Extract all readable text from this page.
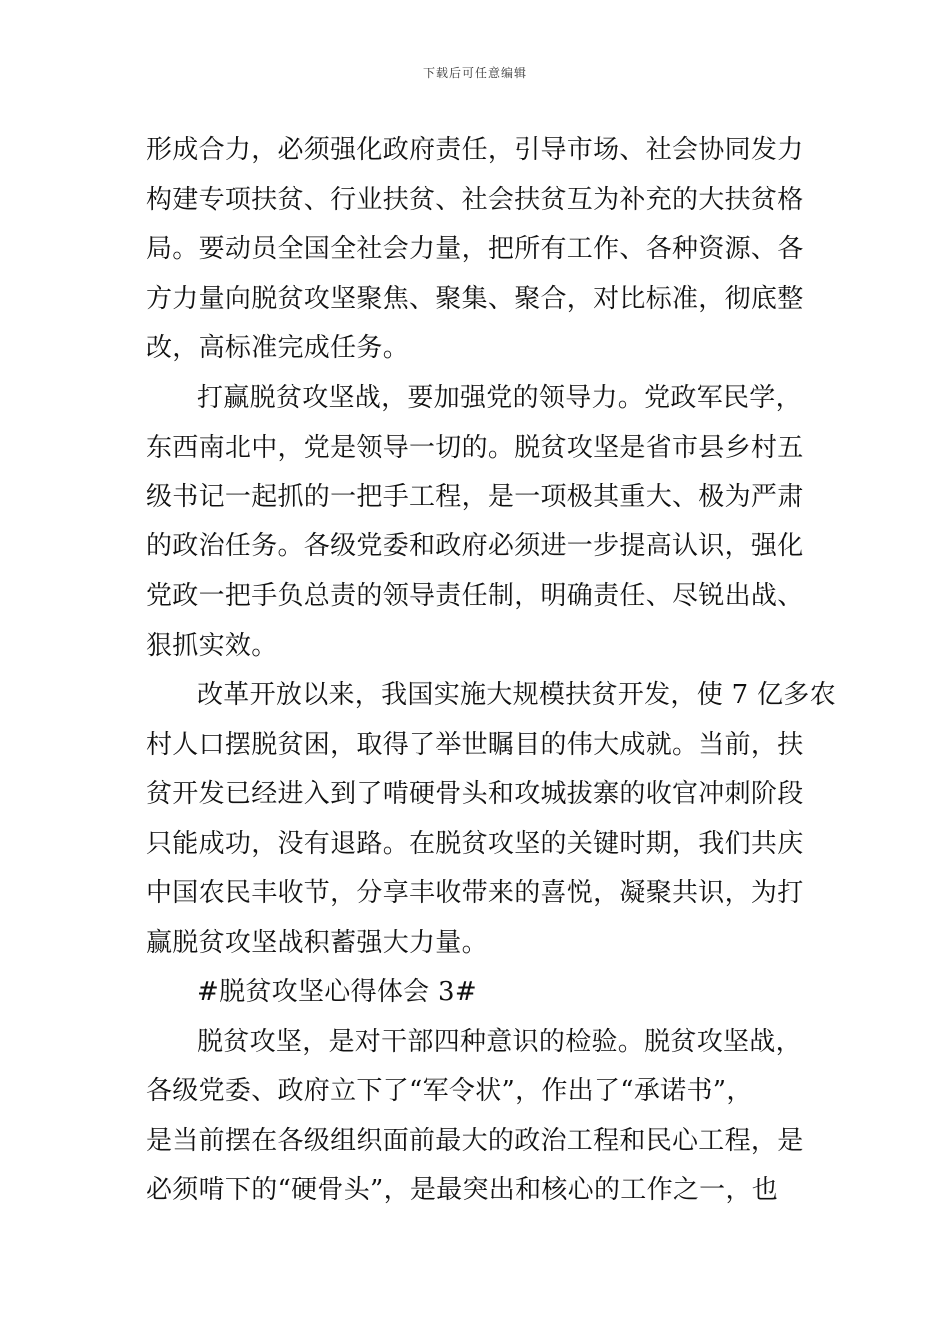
下载后可任意编辑
形成合力，必须强化政府责任，引导市场、社会协同发力
构建专项扶贫、行业扶贫、社会扶贫互为补充的大扶贫格
局。要动员全国全社会力量，把所有工作、各种资源、各
方力量向脱贫攻坚聚焦、聚集、聚合，对比标准，彻底整
改，高标准完成任务。
打赢脱贫攻坚战，要加强党的领导力。党政军民学，
东西南北中，党是领导一切的。脱贫攻坚是省市县乡村五
级书记一起抓的一把手工程，是一项极其重大、极为严肃
的政治任务。各级党委和政府必须进一步提高认识，强化
党政一把手负总责的领导责任制，明确责任、尽锐出战、
狠抓实效。
改革开放以来，我国实施大规模扶贫开发，使 7 亿多农
村人口摆脱贫困，取得了举世瞩目的伟大成就。当前，扶
贫开发已经进入到了啃硬骨头和攻城拔寨的收官冲刺阶段
只能成功，没有退路。在脱贫攻坚的关键时期，我们共庆
中国农民丰收节，分享丰收带来的喜悦，凝聚共识，为打
赢脱贫攻坚战积蓄强大力量。
#脱贫攻坚心得体会 3#
脱贫攻坚，是对干部四种意识的检验。脱贫攻坚战，
各级党委、政府立下了“军令状”，作出了“承诺书”，
是当前摆在各级组织面前最大的政治工程和民心工程，是
必须啃下的“硬骨头”，是最突出和核心的工作之一，也
